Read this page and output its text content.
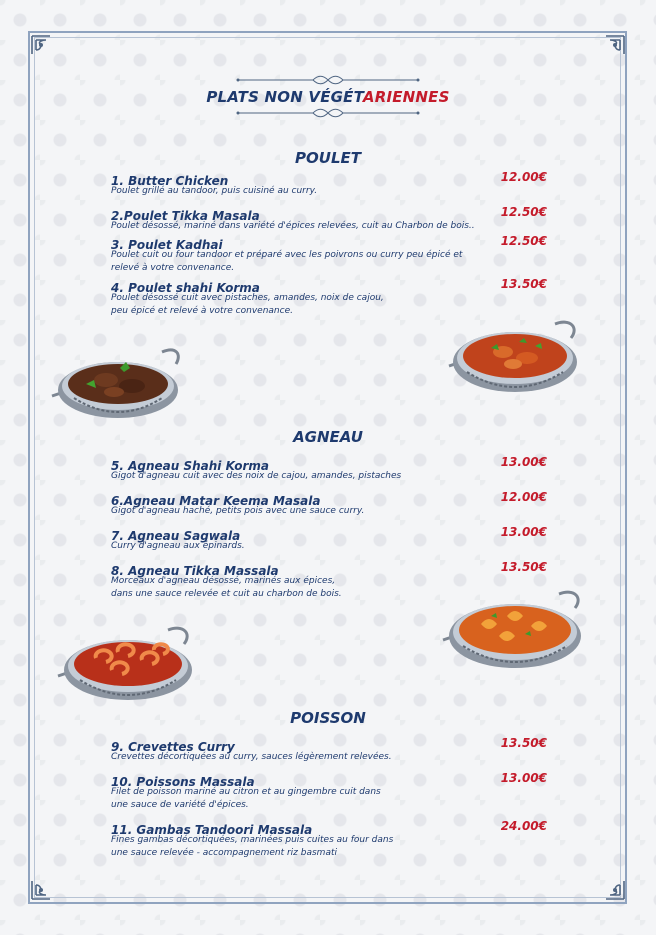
PLATS NON VÉGÉTARIENNES
POULET
1. Butter Chicken	12.00€
Poulet grillé au tandoor, puis cuisiné au curry.
2.Poulet Tikka Masala	12.50€
Poulet désossé, mariné dans variété d'épices relevées, cuit au Charbon de bois..
3. Poulet Kadhai	12.50€
Poulet cuit ou four tandoor et préparé avec les poivrons ou curry peu épicé et
relevé à votre convenance.
4. Poulet shahi Korma	13.50€
Poulet désossé cuit avec pistaches, amandes, noix de cajou,
peu épicé et relevé à votre convenance.
AGNEAU
5. Agneau Shahi Korma	13.00€
Gigot d'agneau cuit avec des noix de cajou, amandes, pistaches
6.Agneau Matar Keema Masala	12.00€
Gigot d'agneau haché, petits pois avec une sauce curry.
7. Agneau Sagwala	13.00€
Curry d'agneau aux épinards.
8. Agneau Tikka Massala	13.50€
Morceaux d'agneau désossé, marinés aux épices,
dans une sauce relevée et cuit au charbon de bois.
POISSON
9. Crevettes Curry	13.50€
Crevettes décortiquées au curry, sauces légèrement relevées.
10. Poissons Massala	13.00€
Filet de poisson mariné au citron et au gingembre cuit dans
une sauce de variété d'épices.
11. Gambas Tandoori Massala	24.00€
Fines gambas décortiquées, marinées puis cuites au four dans
une sauce relevée - accompagnement riz basmati
